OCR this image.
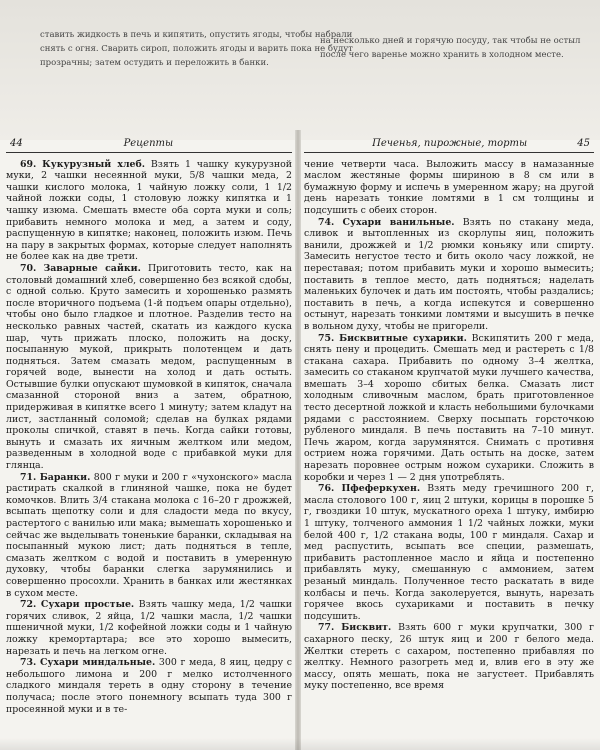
ставить жидкость в печь и кипятить, опустить ягоды, чтобы набрали
снять с огня. Сварить сироп, положить ягоды и варить пока не будут
прозрачны; затем остудить и переложить в банки.
на несколько дней и горячую посуду, так чтобы не остыл
после чего варенье можно хранить в холодном месте.
44	Рецепты

69. Кукурузный хлеб. Взять 1 чашку кукурузной муки, 2 чашки несеянной муки, 5/8 чашки меда, 2 чашки кислого молока, 1 чайную ложку соли, 1 1/2 чайной ложки соды, 1 столовую ложку кипятка и 1 чашку изюма. Смешать вместе оба сорта муки и соль; прибавить немного молока и мед, а затем и соду, распущенную в кипятке; наконец, положить изюм. Печь на пару в закрытых формах, которые следует наполнять не более как на две трети.

70. Заварные сайки. Приготовить тесто, как на столовый домашний хлеб, совершенно без всякой сдобы, с одной солью. Круто замесить и хорошенько размять после вторичного подъема (1-й подъем опары отдельно), чтобы оно было гладкое и плотное. Разделив тесто на несколько равных частей, скатать из каждого куска шар, чуть прижать плоско, положить на доску, посыпанную мукой, прикрыть полотенцем и дать подняться. Затем смазать медом, распущенным в горячей воде, вынести на холод и дать остыть. Остывшие булки опускают шумовкой в кипяток, сначала смазанной стороной вниз а затем, обратною, придерживая в кипятке всего 1 минуту; затем кладут на лист, застланный соломой; сделав на булках рядами проколы спичкой, ставят в печь. Когда сайки готовы, вынуть и смазать их яичным желтком или медом, разведенным в холодной воде с прибавкой муки для глянца.

71. Баранки. 800 г муки и 200 г «чухонского» масла растирать скалкой в глиняной чашке, пока не будет комочков. Влить 3/4 стакана молока с 16–20 г дрожжей, всыпать щепотку соли и для сладости меда по вкусу, растертого с ванилью или мака; вымешать хорошенько и сейчас же выделывать тоненькие баранки, складывая на посыпанный мукою лист; дать подняться в тепле, смазать желтком с водой и поставить в умеренную духовку, чтобы баранки слегка зарумянились и совершенно просохли. Хранить в банках или жестянках в сухом месте.

72. Сухари простые. Взять чашку меда, 1/2 чашки горячих сливок, 2 яйца, 1/2 чашки масла, 1/2 чашки пшеничной муки, 1/2 кофейной ложки соды и 1 чайную ложку кремортартара; все это хорошо вымесить, нарезать и печь на легком огне.

73. Сухари миндальные. 300 г меда, 8 яиц, цедру с небольшого лимона и 200 г мелко истолченного сладкого миндаля тереть в одну сторону в течение получаса; после этого понемногу всыпать туда 300 г просеянной муки и в те-

Печенья, пирожные, торты	45

чение четверти часа. Выложить массу в намазанные маслом жестяные формы шириною в 8 см или в бумажную форму и испечь в умеренном жару; на другой день нарезать тонкие ломтями в 1 см толщины и подсушить с обеих сторон.

74. Сухари ванильные. Взять по стакану меда, сливок и вытопленных из скорлупы яиц, положить ванили, дрожжей и 1/2 рюмки коньяку или спирту. Замесить негустое тесто и бить около часу ложкой, не переставая; потом прибавить муки и хорошо вымесить; поставить в теплое место, дать подняться; наделать маленьких булочек и дать им постоять, чтобы раздались; поставить в печь, а когда испекутся и совершенно остынут, нарезать тонкими ломтями и высушить в печке в вольном духу, чтобы не пригорели.

75. Бисквитные сухарики. Вскипятить 200 г меда, снять пену и процедить. Смешать мед и растереть с 1/8 стакана сахара. Прибавить по одному 3–4 желтка, замесить со стаканом крупчатой муки лучшего качества, вмешать 3–4 хорошо сбитых белка. Смазать лист холодным сливочным маслом, брать приготовленное тесто десертной ложкой и класть небольшими булочками рядами с расстоянием. Сверху посыпать горсточкою рубленого миндаля. В печь поставить на 7–10 минут. Печь жаром, когда зарумянятся. Снимать с противня острием ножа горячими. Дать остыть на доске, затем нарезать поровнее острым ножом сухарики. Сложить в коробки и через 1 — 2 дня употреблять.

76. Пфеферкухен. Взять меду гречишного 200 г, масла столового 100 г, яиц 2 штуки, корицы в порошке 5 г, гвоздики 10 штук, мускатного ореха 1 штуку, имбирю 1 штуку, толченого аммония 1 1/2 чайных ложки, муки белой 400 г, 1/2 стакана воды, 100 г миндаля. Сахар и мед распустить, всыпать все специи, размешать, прибавить растопленное масло и яйца и постепенно прибавлять муку, смешанную с аммонием, затем резаный миндаль. Полученное тесто раскатать в виде колбасы и печь. Когда заколеруется, вынуть, нарезать горячее вкось сухариками и поставить в печку подсушить.

77. Бисквит. Взять 600 г муки крупчатки, 300 г сахарного песку, 26 штук яиц и 200 г белого меда. Желтки стереть с сахаром, постепенно прибавляя по желтку. Немного разогреть мед и, влив его в эту же массу, опять мешать, пока не загустеет. Прибавлять муку постепенно, все время
